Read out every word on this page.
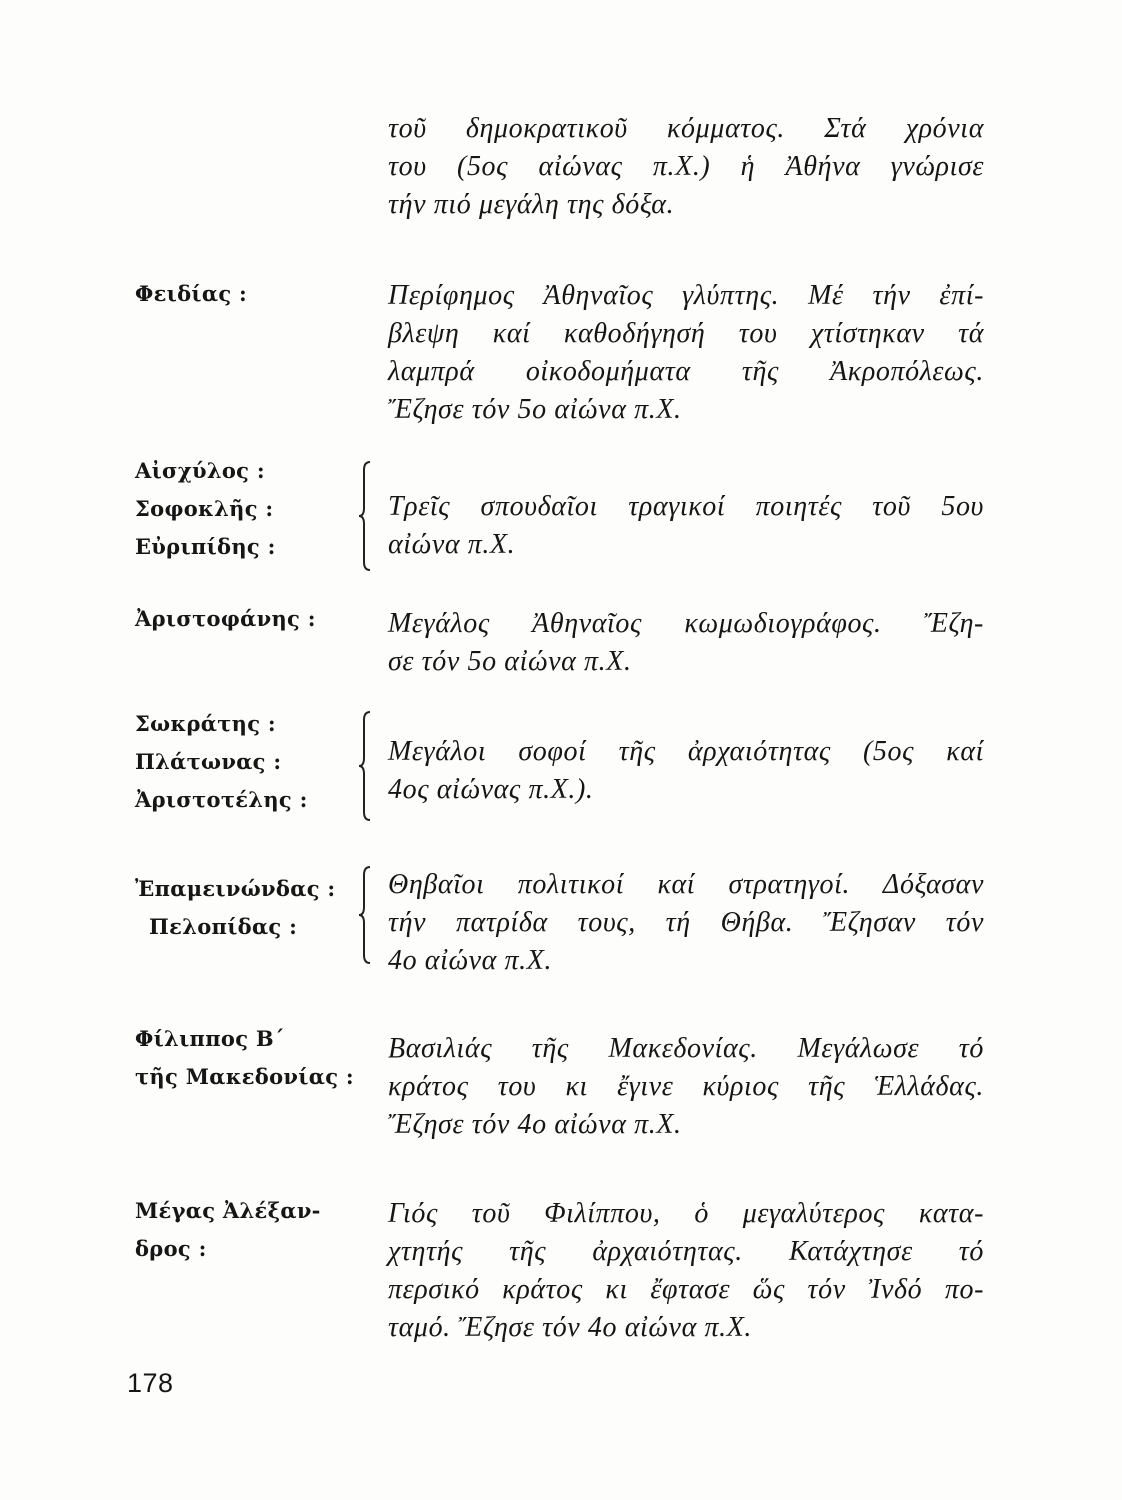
τοῦ δημοκρατικοῦ κόμματος. Στά χρόνια
του (5ος αἰώνας π.Χ.) ἡ Ἀθήνα γνώρισε
τήν πιό μεγάλη της δόξα.
Φειδίας :	Περίφημος Ἀθηναῖος γλύπτης. Μέ τήν ἐπί-
βλεψη καί καθοδήγησή του χτίστηκαν τά
λαμπρά οἰκοδομήματα τῆς Ἀκροπόλεως.
Ἔζησε τόν 5ο αἰώνα π.Χ.
Αἰσχύλος :
Σοφοκλῆς :
Εὐριπίδης :
Τρεῖς σπουδαῖοι τραγικοί ποιητές τοῦ 5ου
αἰώνα π.Χ.
Ἀριστοφάνης :	Μεγάλος Ἀθηναῖος κωμωδιογράφος. Ἔζη-
σε τόν 5ο αἰώνα π.Χ.
Σωκράτης :
Πλάτωνας :
Ἀριστοτέλης :
Μεγάλοι σοφοί τῆς ἀρχαιότητας (5ος καί
4ος αἰώνας π.Χ.).
Ἐπαμεινώνδας :
Πελοπίδας :
Θηβαῖοι πολιτικοί καί στρατηγοί. Δόξασαν
τήν πατρίδα τους, τή Θήβα. Ἔζησαν τόν
4ο αἰώνα π.Χ.
Φίλιππος Β΄
τῆς Μακεδονίας :
Βασιλιάς τῆς Μακεδονίας. Μεγάλωσε τό
κράτος του κι ἔγινε κύριος τῆς Ἑλλάδας.
Ἔζησε τόν 4ο αἰώνα π.Χ.
Μέγας Ἀλέξαν-
δρος :
Γιός τοῦ Φιλίππου, ὁ μεγαλύτερος κατα-
χτητής τῆς ἀρχαιότητας. Κατάχτησε τό
περσικό κράτος κι ἔφτασε ὥς τόν Ἰνδό πο-
ταμό. Ἔζησε τόν 4ο αἰώνα π.Χ.
178
